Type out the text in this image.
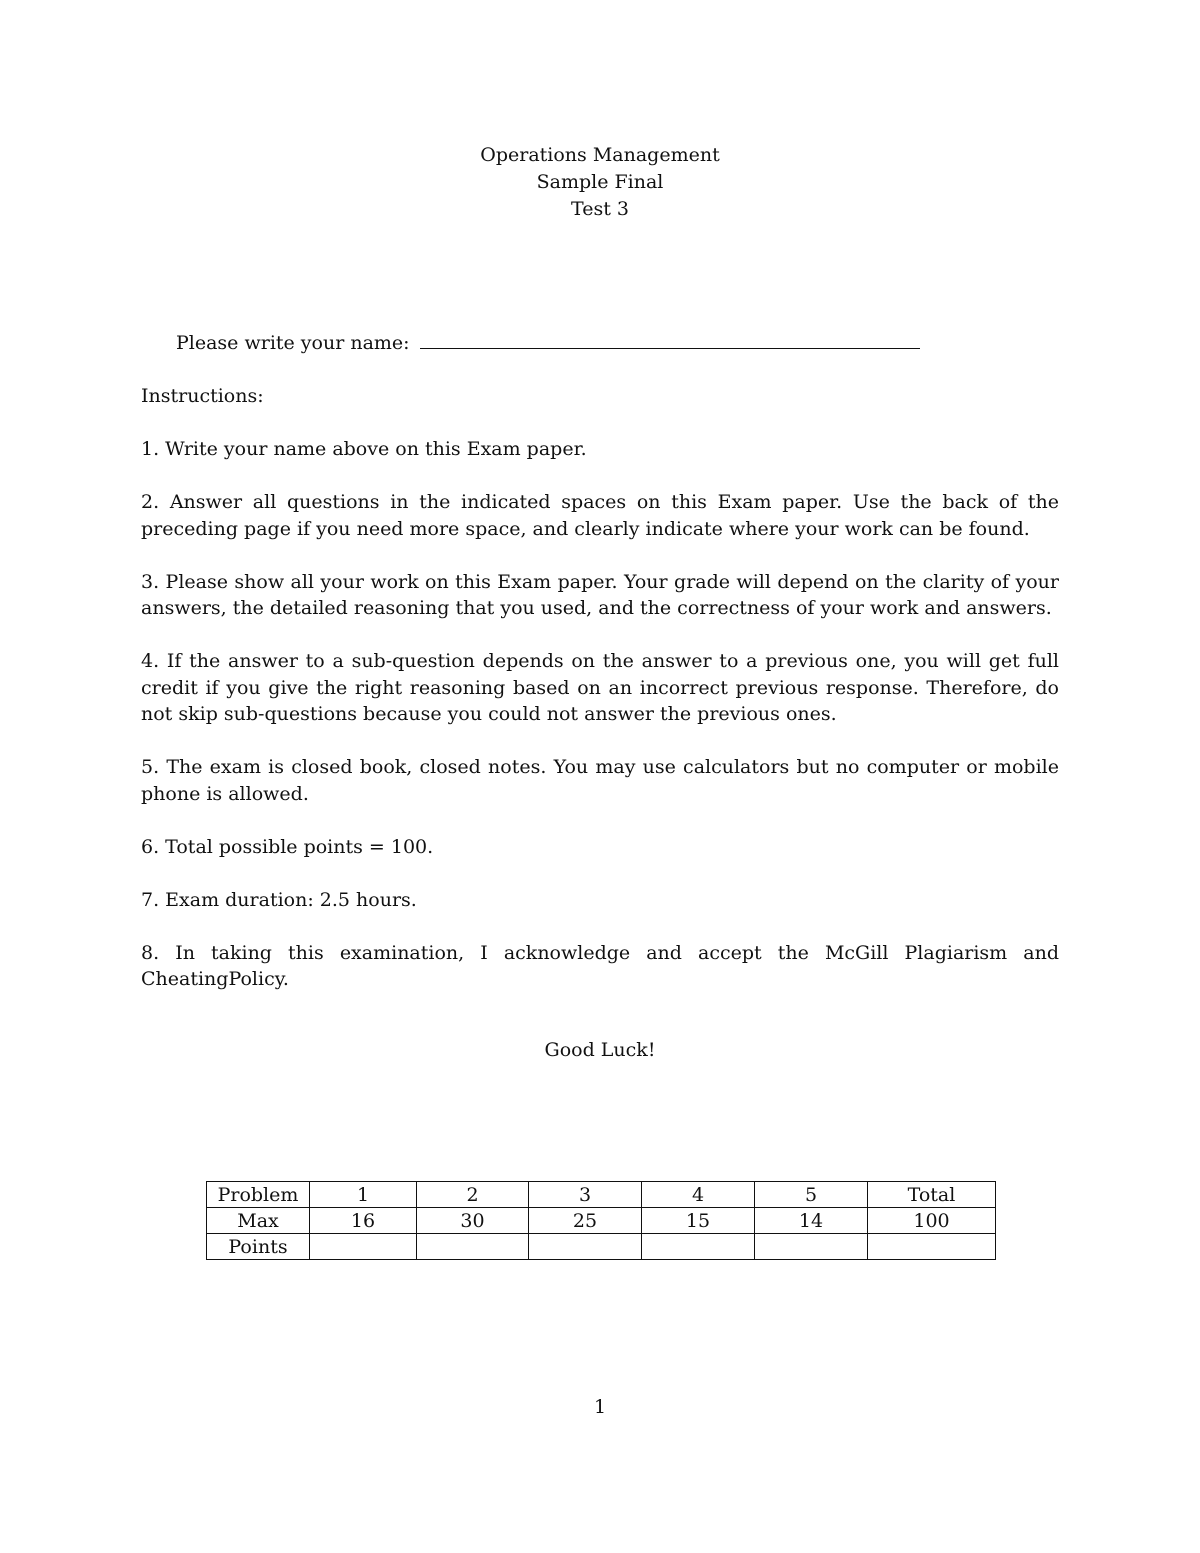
Operations Management
Sample Final
Test 3
Please write your name:

Instructions:

1. Write your name above on this Exam paper.

2. Answer all questions in the indicated spaces on this Exam paper. Use the back of the preceding page if you need more space, and clearly indicate where your work can be found.

3. Please show all your work on this Exam paper. Your grade will depend on the clarity of your answers, the detailed reasoning that you used, and the correctness of your work and answers.

4. If the answer to a sub-question depends on the answer to a previous one, you will get full credit if you give the right reasoning based on an incorrect previous response. Therefore, do not skip sub-questions because you could not answer the previous ones.

5. The exam is closed book, closed notes. You may use calculators but no computer or mobile phone is allowed.

6. Total possible points = 100.

7. Exam duration: 2.5 hours.

8. In taking this examination, I acknowledge and accept the McGill Plagiarism and CheatingPolicy.

Good Luck!
Problem	1	2	3	4	5	Total
Max	16	30	25	15	14	100
Points						
1
